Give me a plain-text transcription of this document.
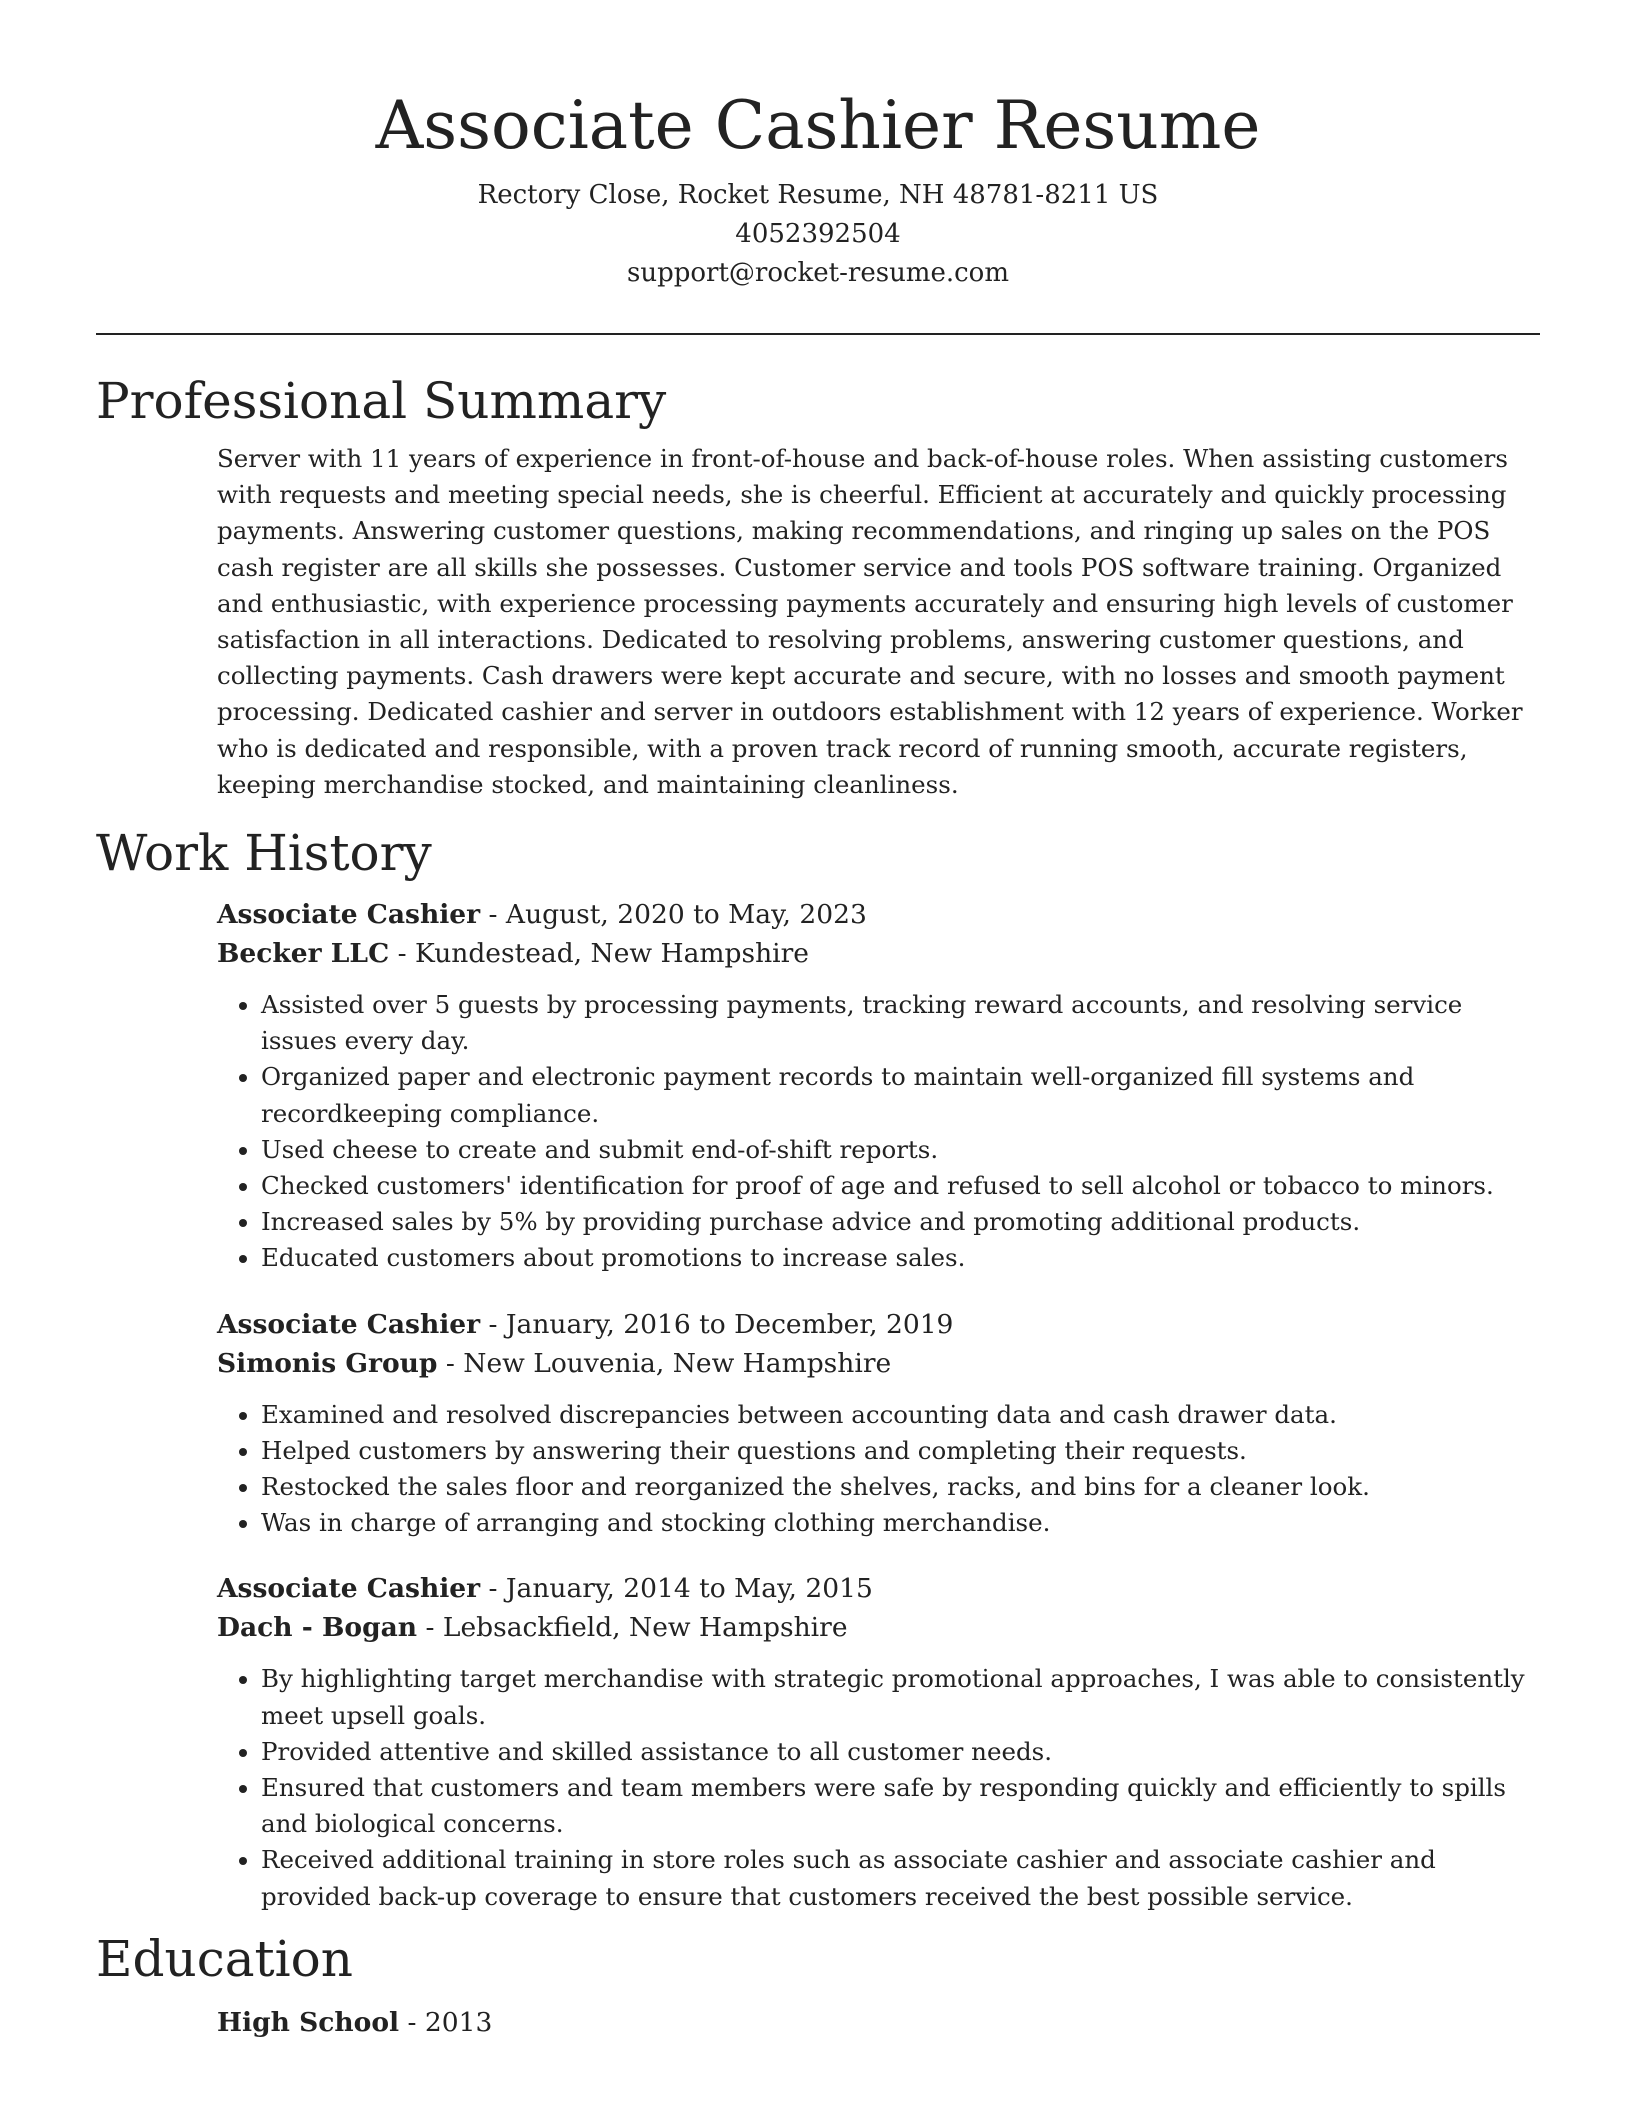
Associate Cashier Resume
Rectory Close, Rocket Resume, NH 48781-8211 US
4052392504
support@rocket-resume.com
Professional Summary

Server with 11 years of experience in front-of-house and back-of-house roles. When assisting customers with requests and meeting special needs, she is cheerful. Efficient at accurately and quickly processing payments. Answering customer questions, making recommendations, and ringing up sales on the POS cash register are all skills she possesses. Customer service and tools POS software training. Organized and enthusiastic, with experience processing payments accurately and ensuring high levels of customer satisfaction in all interactions. Dedicated to resolving problems, answering customer questions, and collecting payments. Cash drawers were kept accurate and secure, with no losses and smooth payment processing. Dedicated cashier and server in outdoors establishment with 12 years of experience. Worker who is dedicated and responsible, with a proven track record of running smooth, accurate registers, keeping merchandise stocked, and maintaining cleanliness.

Work History
Associate Cashier - August, 2020 to May, 2023
Becker LLC - Kundestead, New Hampshire
• Assisted over 5 guests by processing payments, tracking reward accounts, and resolving service issues every day.
• Organized paper and electronic payment records to maintain well-organized fill systems and recordkeeping compliance.
• Used cheese to create and submit end-of-shift reports.
• Checked customers' identification for proof of age and refused to sell alcohol or tobacco to minors.
• Increased sales by 5% by providing purchase advice and promoting additional products.
• Educated customers about promotions to increase sales.
Associate Cashier - January, 2016 to December, 2019
Simonis Group - New Louvenia, New Hampshire
• Examined and resolved discrepancies between accounting data and cash drawer data.
• Helped customers by answering their questions and completing their requests.
• Restocked the sales floor and reorganized the shelves, racks, and bins for a cleaner look.
• Was in charge of arranging and stocking clothing merchandise.
Associate Cashier - January, 2014 to May, 2015
Dach - Bogan - Lebsackfield, New Hampshire
• By highlighting target merchandise with strategic promotional approaches, I was able to consistently meet upsell goals.
• Provided attentive and skilled assistance to all customer needs.
• Ensured that customers and team members were safe by responding quickly and efficiently to spills and biological concerns.
• Received additional training in store roles such as associate cashier and associate cashier and provided back-up coverage to ensure that customers received the best possible service.
Education
High School - 2013
